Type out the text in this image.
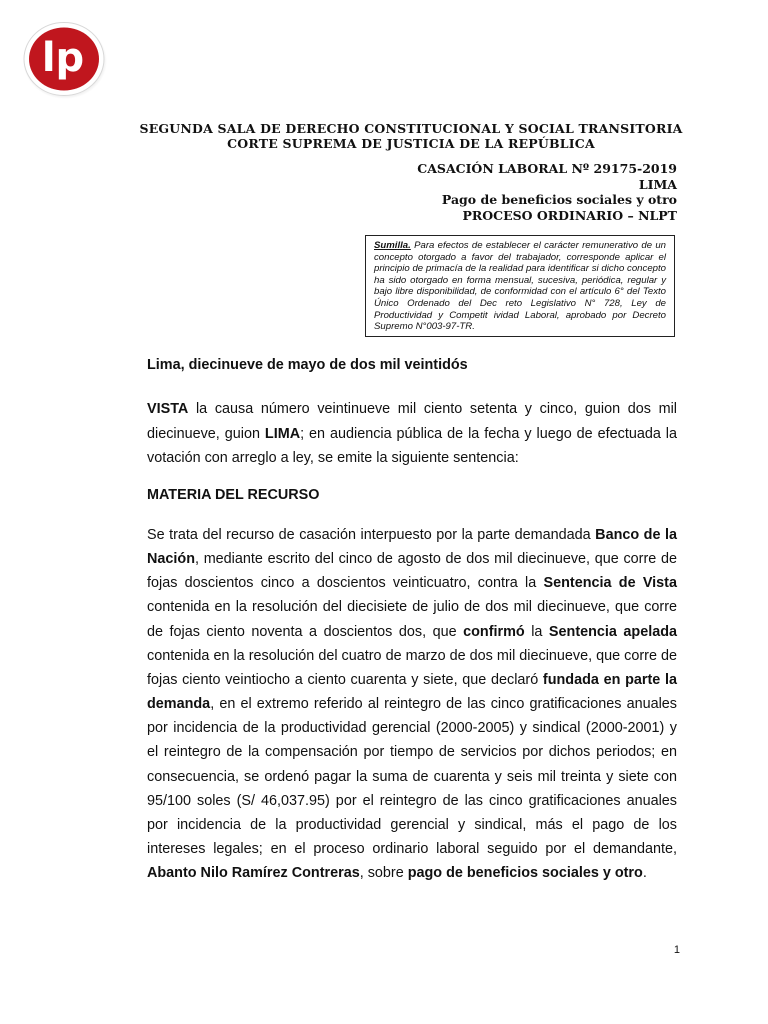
lp
SEGUNDA SALA DE DERECHO CONSTITUCIONAL Y SOCIAL TRANSITORIA
CORTE SUPREMA DE JUSTICIA DE LA REPÚBLICA
CASACIÓN LABORAL Nº 29175-2019
LIMA
Pago de beneficios sociales y otro
PROCESO ORDINARIO – NLPT
Sumilla. Para efectos de establecer el carácter remunerativo de un concepto otorgado a favor del trabajador, corresponde aplicar el principio de primacía de la realidad para identificar si dicho concepto ha sido otorgado en forma mensual, sucesiva, periódica, regular y bajo libre disponibilidad, de conformidad con el artículo 6° del Texto Único Ordenado del Dec reto Legislativo N° 728, Ley de Productividad y Competit ividad Laboral, aprobado por Decreto Supremo N°003-97-TR.
Lima, diecinueve de mayo de dos mil veintidós
VISTA la causa número veintinueve mil ciento setenta y cinco, guion dos mil diecinueve, guion LIMA; en audiencia pública de la fecha y luego de efectuada la votación con arreglo a ley, se emite la siguiente sentencia:
MATERIA DEL RECURSO
Se trata del recurso de casación interpuesto por la parte demandada Banco de la Nación, mediante escrito del cinco de agosto de dos mil diecinueve, que corre de fojas doscientos cinco a doscientos veinticuatro, contra la Sentencia de Vista contenida en la resolución del diecisiete de julio de dos mil diecinueve, que corre de fojas ciento noventa a doscientos dos, que confirmó la Sentencia apelada contenida en la resolución del cuatro de marzo de dos mil diecinueve, que corre de fojas ciento veintiocho a ciento cuarenta y siete, que declaró fundada en parte la demanda, en el extremo referido al reintegro de las cinco gratificaciones anuales por incidencia de la productividad gerencial (2000-2005) y sindical (2000-2001) y el reintegro de la compensación por tiempo de servicios por dichos periodos; en consecuencia, se ordenó pagar la suma de cuarenta y seis mil treinta y siete con 95/100 soles (S/ 46,037.95) por el reintegro de las cinco gratificaciones anuales por incidencia de la productividad gerencial y sindical, más el pago de los intereses legales; en el proceso ordinario laboral seguido por el demandante, Abanto Nilo Ramírez Contreras, sobre pago de beneficios sociales y otro.
1
